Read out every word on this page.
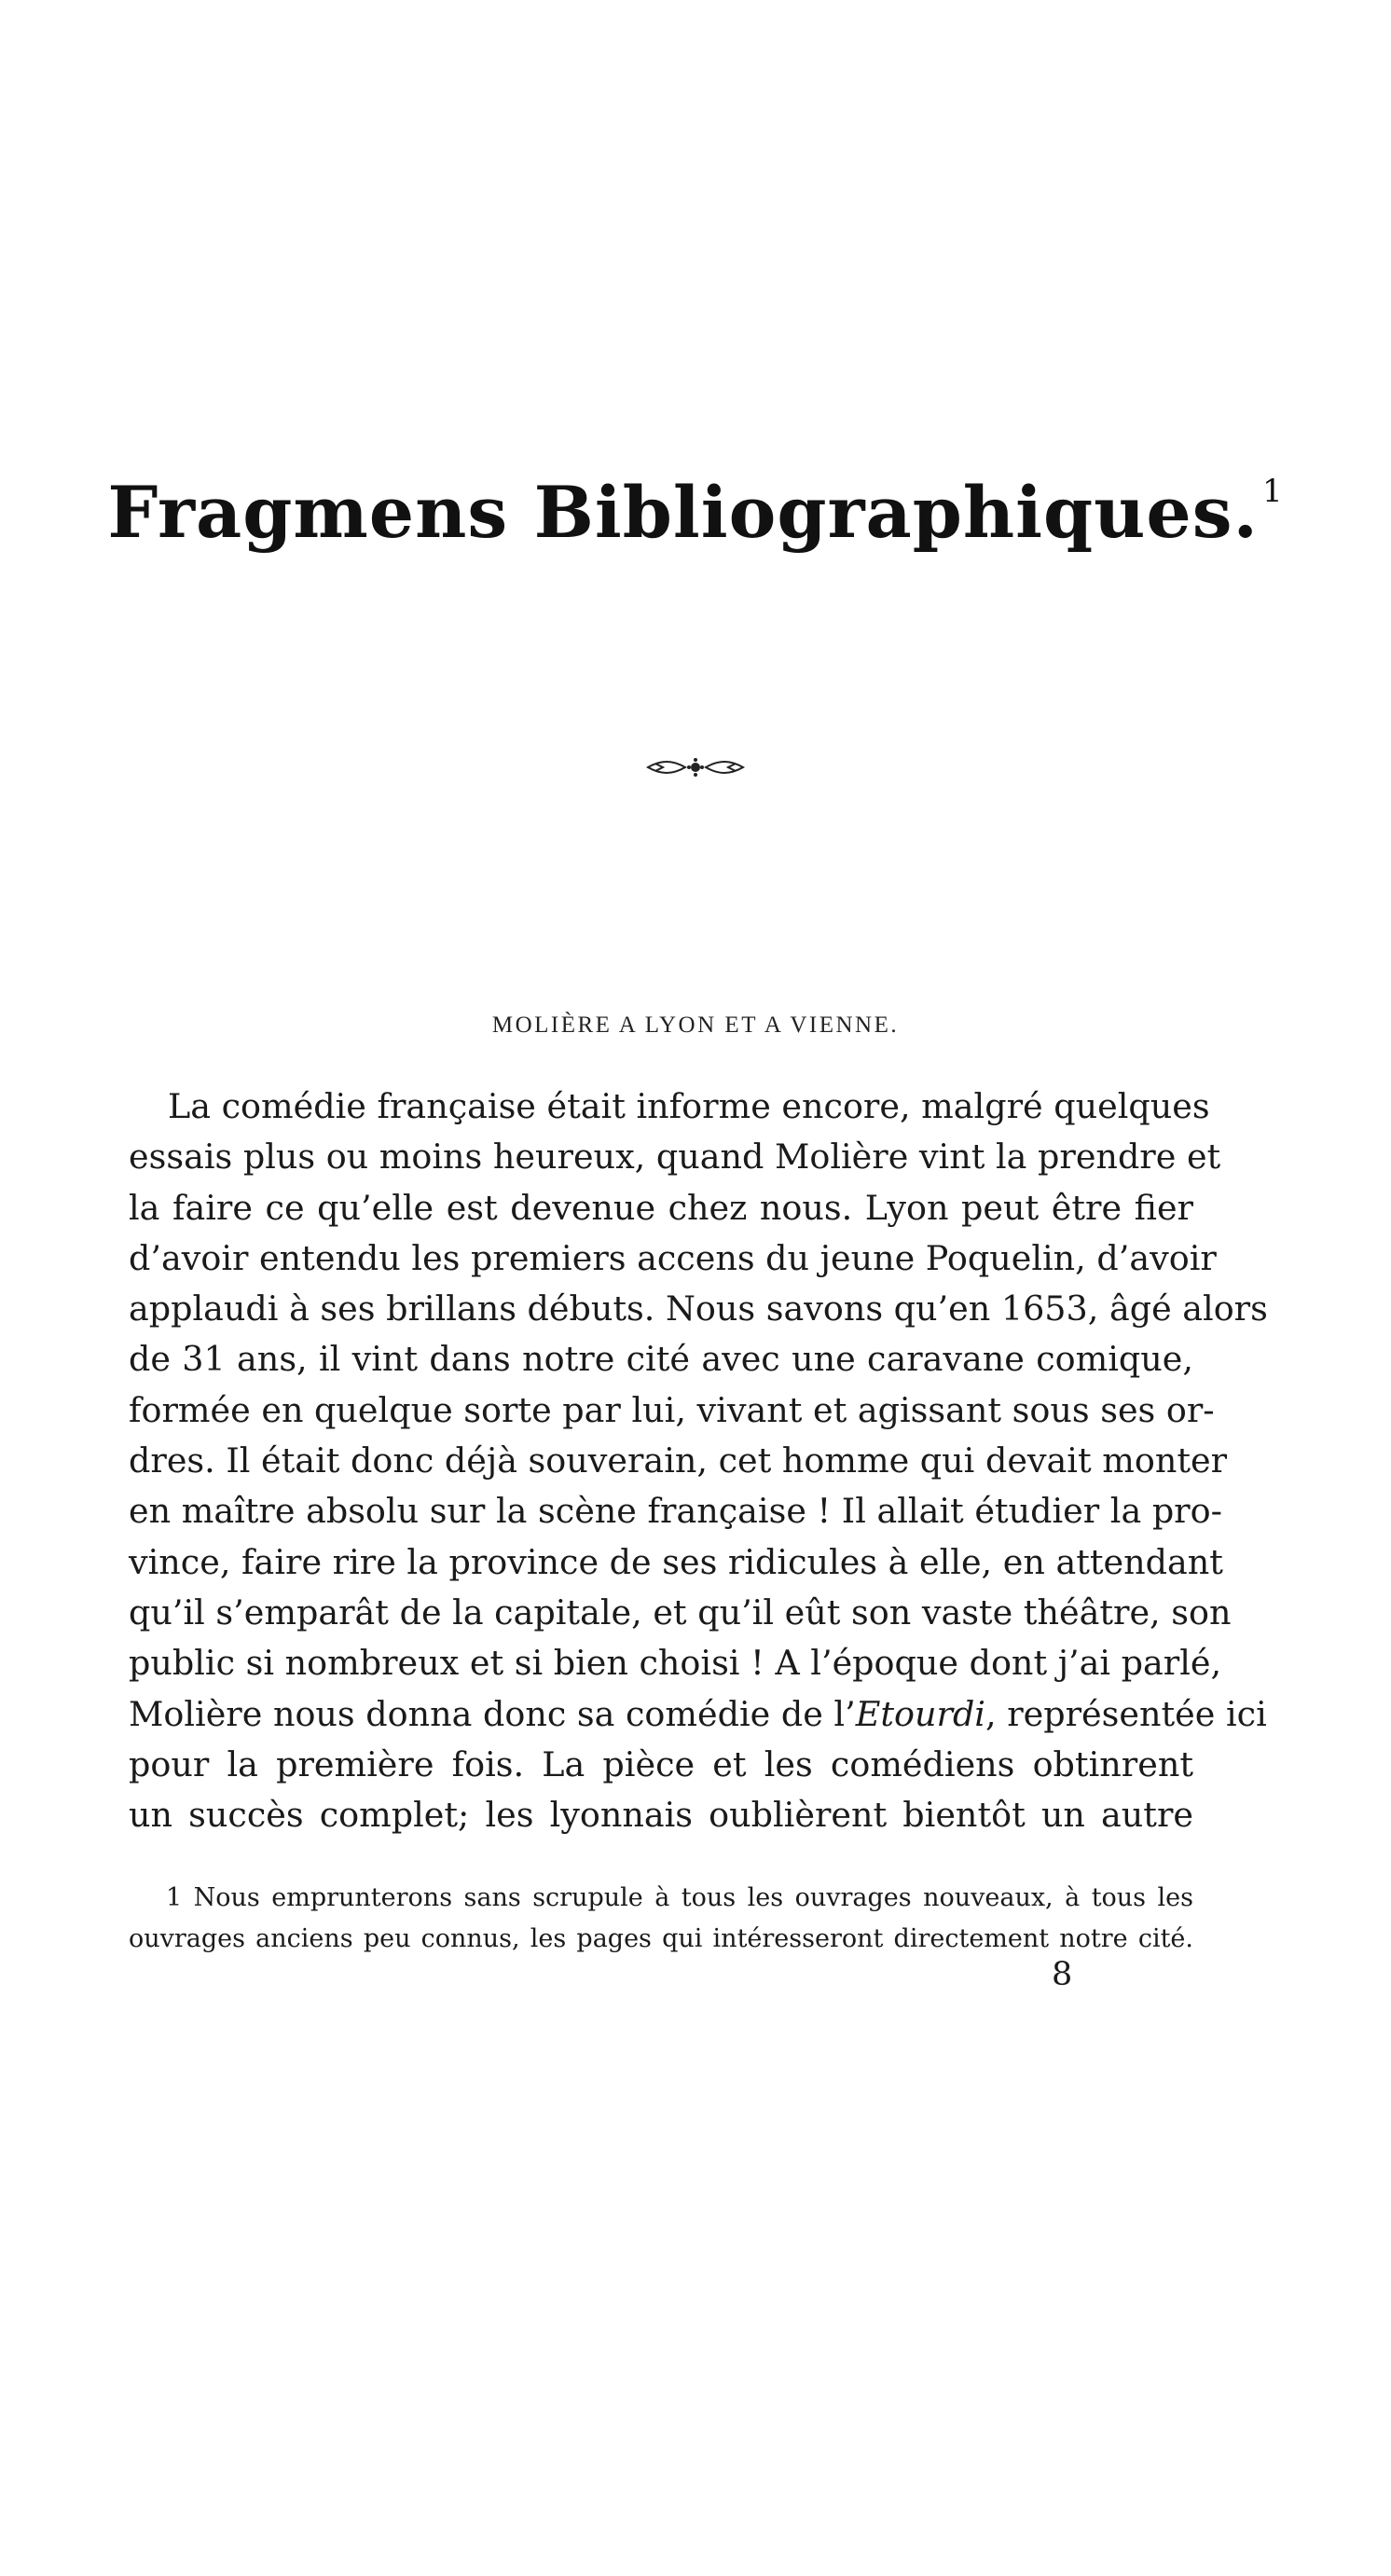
Fragmens Bibliographiques. $^1$
MOLIÈRE A LYON ET A VIENNE.
La comédie française était informe encore, malgré quelques
essais plus ou moins heureux, quand Molière vint la prendre et
la faire ce qu’elle est devenue chez nous. Lyon peut être fier
d’avoir entendu les premiers accens du jeune Poquelin, d’avoir
applaudi à ses brillans débuts. Nous savons qu’en 1653, âgé alors
de 31 ans, il vint dans notre cité avec une caravane comique,
formée en quelque sorte par lui, vivant et agissant sous ses or-
dres. Il était donc déjà souverain, cet homme qui devait monter
en maître absolu sur la scène française ! Il allait étudier la pro-
vince, faire rire la province de ses ridicules à elle, en attendant
qu’il s’emparât de la capitale, et qu’il eût son vaste théâtre, son
public si nombreux et si bien choisi ! A l’époque dont j’ai parlé,
Molière nous donna donc sa comédie de l’Etourdi, représentée ici
pour la première fois. La pièce et les comédiens obtinrent
un succès complet; les lyonnais oublièrent bientôt un autre
1 Nous emprunterons sans scrupule à tous les ouvrages nouveaux, à tous les
ouvrages anciens peu connus, les pages qui intéresseront directement notre cité.
8
